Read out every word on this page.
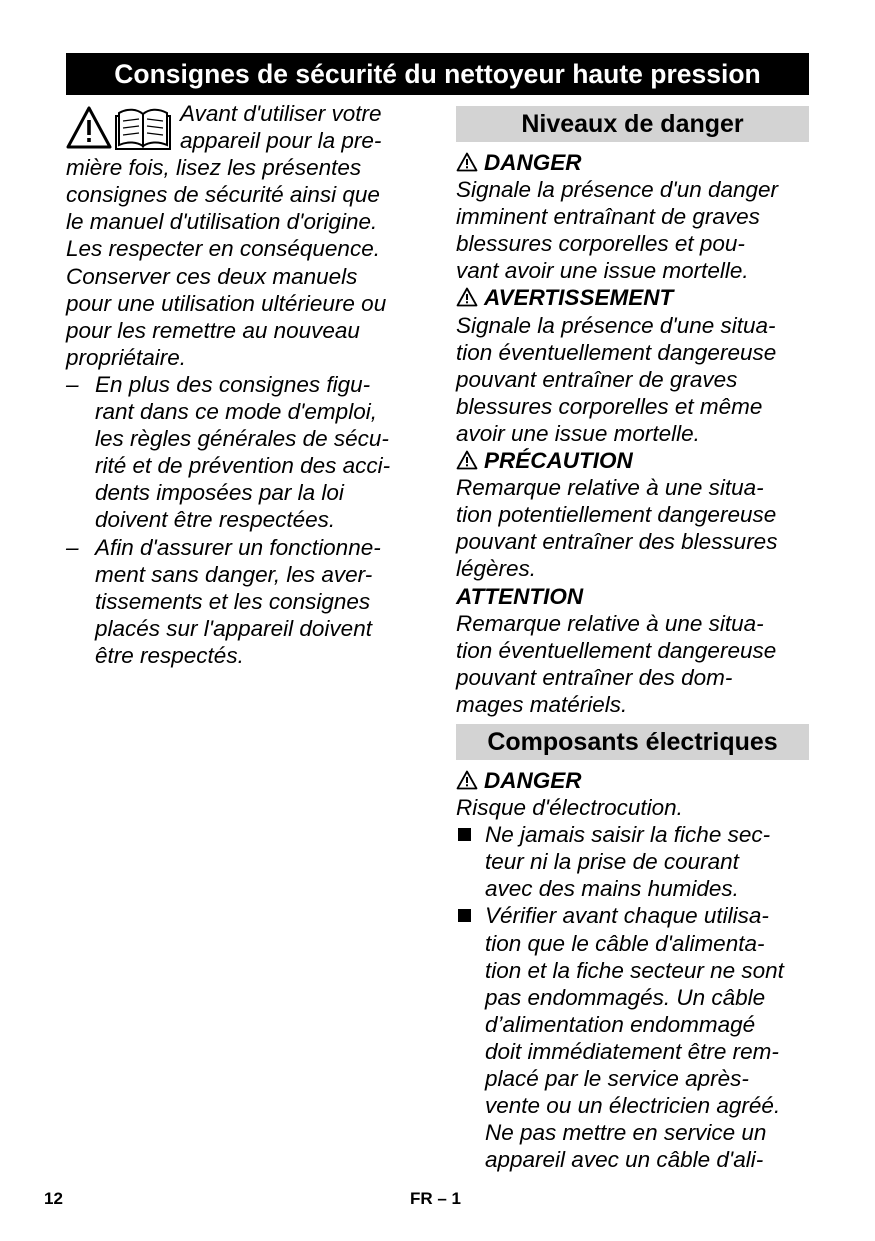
Consignes de sécurité du nettoyeur haute pression
Avant d'utiliser votre
appareil pour la pre-
mière fois, lisez les présentes
consignes de sécurité ainsi que
le manuel d'utilisation d'origine.
Les respecter en conséquence.
Conserver ces deux manuels
pour une utilisation ultérieure ou
pour les remettre au nouveau
propriétaire.
– En plus des consignes figu-
rant dans ce mode d'emploi,
les règles générales de sécu-
rité et de prévention des acci-
dents imposées par la loi
doivent être respectées.
– Afin d'assurer un fonctionne-
ment sans danger, les aver-
tissements et les consignes
placés sur l'appareil doivent
être respectés.
Niveaux de danger
DANGER
Signale la présence d'un danger
imminent entraînant de graves
blessures corporelles et pou-
vant avoir une issue mortelle.
AVERTISSEMENT
Signale la présence d'une situa-
tion éventuellement dangereuse
pouvant entraîner de graves
blessures corporelles et même
avoir une issue mortelle.
PRÉCAUTION
Remarque relative à une situa-
tion potentiellement dangereuse
pouvant entraîner des blessures
légères.
ATTENTION
Remarque relative à une situa-
tion éventuellement dangereuse
pouvant entraîner des dom-
mages matériels.
Composants électriques
DANGER
Risque d'électrocution.
Ne jamais saisir la fiche sec-
teur ni la prise de courant
avec des mains humides.
Vérifier avant chaque utilisa-
tion que le câble d'alimenta-
tion et la fiche secteur ne sont
pas endommagés. Un câble
d’alimentation endommagé
doit immédiatement être rem-
placé par le service après-
vente ou un électricien agréé.
Ne pas mettre en service un
appareil avec un câble d'ali-
12	FR – 1
